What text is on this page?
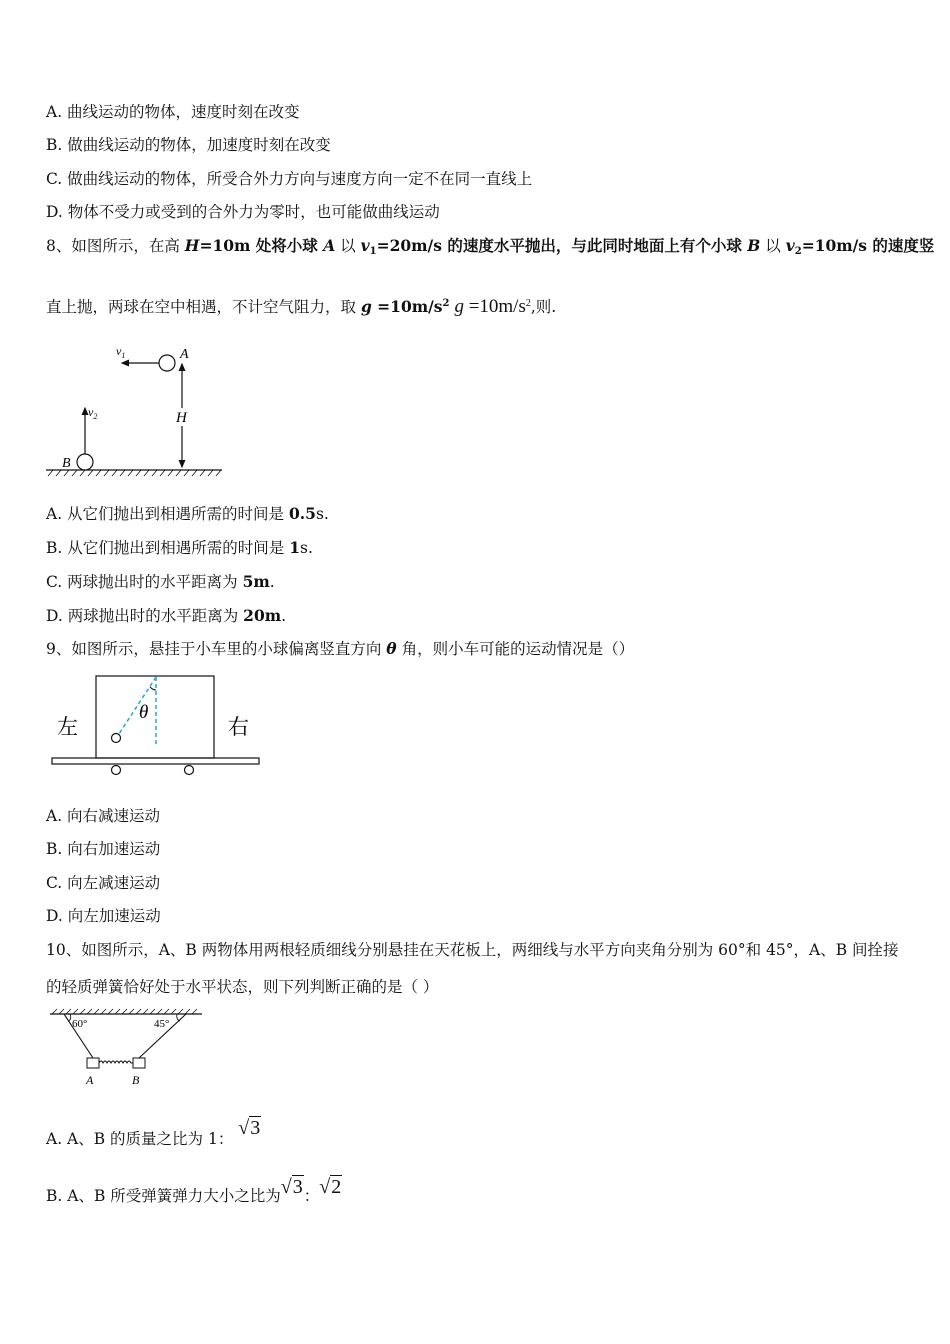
A. 曲线运动的物体，速度时刻在改变
B. 做曲线运动的物体，加速度时刻在改变
C. 做曲线运动的物体，所受合外力方向与速度方向一定不在同一直线上
D. 物体不受力或受到的合外力为零时，也可能做曲线运动
8、如图所示，在高 H=10m 处将小球 A 以 $v_1=20m/s$ 的速度水平抛出，与此同时地面上有个小球 B 以 $v_2=10m/s$ 的速度竖
直上抛，两球在空中相遇，不计空气阻力，取 $g =10m/s^2$ $g =10m/s^2$,则.
B
$v_2$
A
$v_1$
H
A. 从它们抛出到相遇所需的时间是 0.5s.
B. 从它们抛出到相遇所需的时间是 1s.
C. 两球抛出时的水平距离为 5m.
D. 两球抛出时的水平距离为 20m.
9、如图所示，悬挂于小车里的小球偏离竖直方向 θ 角，则小车可能的运动情况是（）
θ
左	右
A. 向右减速运动
B. 向右加速运动
C. 向左减速运动
D. 向左加速运动
10、如图所示，A、B 两物体用两根轻质细线分别悬挂在天花板上，两细线与水平方向夹角分别为 60°和 45°，A、B 间拴接
的轻质弹簧恰好处于水平状态，则下列判断正确的是（ ）
60°	45°
A	B
A. A、B 的质量之比为 1： √3
B. A、B 所受弹簧弹力大小之比为√3：√2
